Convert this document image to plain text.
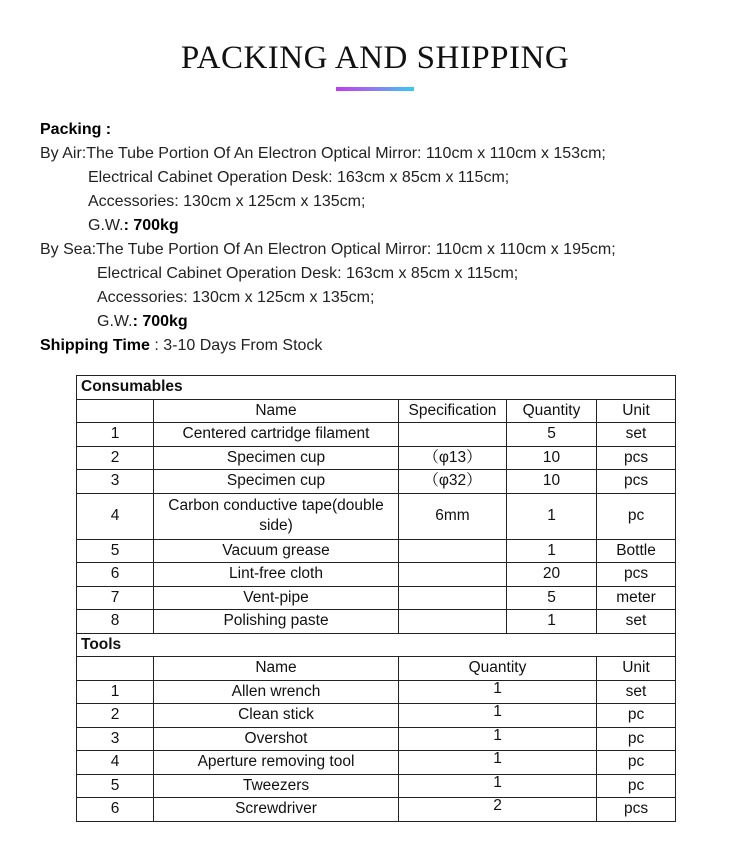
PACKING AND SHIPPING
Packing :
By Air:The Tube Portion Of An Electron Optical Mirror: 110cm x 110cm x 153cm;
Electrical Cabinet Operation Desk: 163cm x 85cm x 115cm;
Accessories: 130cm x 125cm x 135cm;
G.W.: 700kg
By Sea:The Tube Portion Of An Electron Optical Mirror: 110cm x 110cm x 195cm;
Electrical Cabinet Operation Desk: 163cm x 85cm x 115cm;
Accessories: 130cm x 125cm x 135cm;
G.W.: 700kg
Shipping Time : 3-10 Days From Stock
Consumables				
	Name	Specification	Quantity	Unit
1	Centered cartridge filament		5	set
2	Specimen cup	（φ13）	10	pcs
3	Specimen cup	（φ32）	10	pcs
4	Carbon conductive tape(double side)	6mm	1	pc
5	Vacuum grease		1	Bottle
6	Lint-free cloth		20	pcs
7	Vent-pipe		5	meter
8	Polishing paste		1	set
Tools				
	Name	Quantity		Unit
1	Allen wrench	1		set
2	Clean stick	1		pc
3	Overshot	1		pc
4	Aperture removing tool	1		pc
5	Tweezers	1		pc
6	Screwdriver	2		pcs
